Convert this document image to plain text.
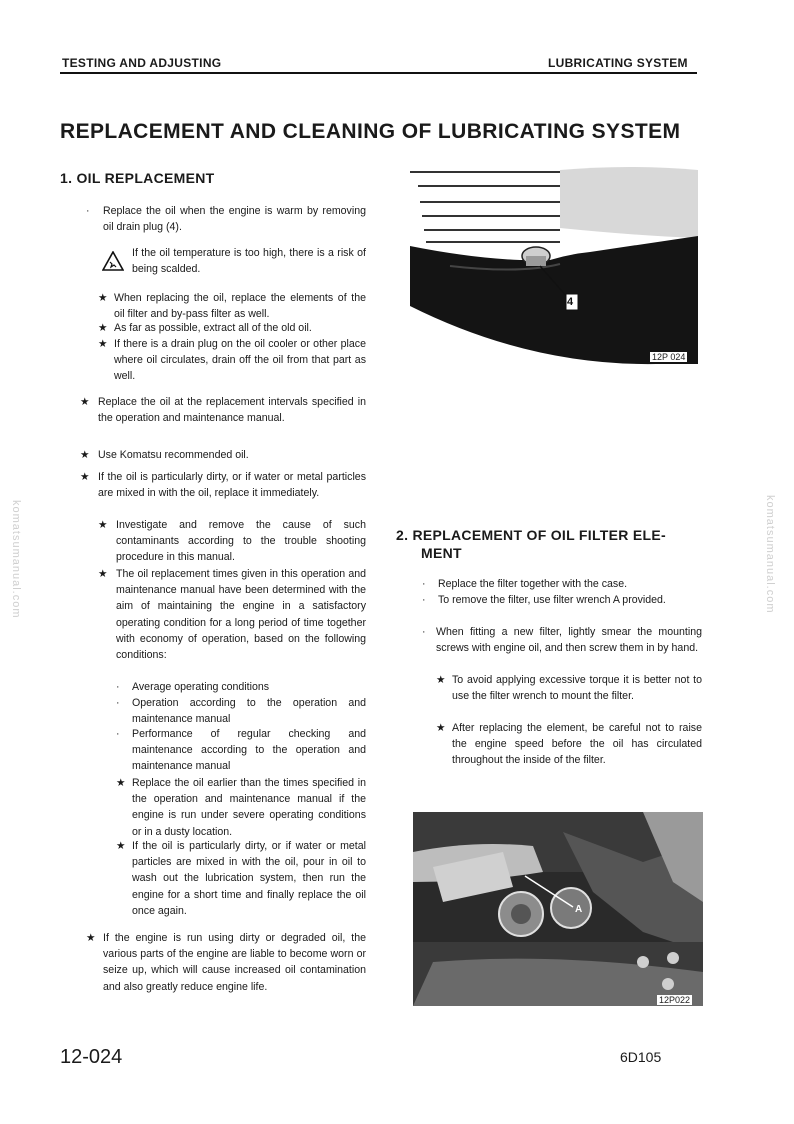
TESTING AND ADJUSTING	LUBRICATING SYSTEM
komatsumanual.com	komatsumanual.com
REPLACEMENT AND CLEANING OF LUBRICATING SYSTEM
1. OIL REPLACEMENT
· Replace the oil when the engine is warm by removing oil drain plug (4).
If the oil temperature is too high, there is a risk of being scalded.
★ When replacing the oil, replace the elements of the oil filter and by-pass filter as well.
★ As far as possible, extract all of the old oil.
★ If there is a drain plug on the oil cooler or other place where oil circulates, drain off the oil from that part as well.
★ Replace the oil at the replacement intervals specified in the operation and maintenance manual.
★ Use Komatsu recommended oil.
★ If the oil is particularly dirty, or if water or metal particles are mixed in with the oil, replace it immediately.
★ Investigate and remove the cause of such contaminants according to the trouble shooting procedure in this manual.
★ The oil replacement times given in this operation and maintenance manual have been determined with the aim of maintaining the engine in a satisfactory operating condition for a long period of time together with economy of operation, based on the following conditions:
· Average operating conditions
· Operation according to the operation and maintenance manual
· Performance of regular checking and maintenance according to the operation and maintenance manual
★ Replace the oil earlier than the times specified in the operation and maintenance manual if the engine is run under severe operating conditions or in a dusty location.
★ If the oil is particularly dirty, or if water or metal particles are mixed in with the oil, pour in oil to wash out the lubrication system, then run the engine for a short time and finally replace the oil once again.
★ If the engine is run using dirty or degraded oil, the various parts of the engine are liable to become worn or seize up, which will cause increased oil contamination and also greatly reduce engine life.
4
12P 024
2. REPLACEMENT OF OIL FILTER ELE-
MENT
· Replace the filter together with the case.
· To remove the filter, use filter wrench A provided.
· When fitting a new filter, lightly smear the mounting screws with engine oil, and then screw them in by hand.
★ To avoid applying excessive torque it is better not to use the filter wrench to mount the filter.
★ After replacing the element, be careful not to raise the engine speed before the oil has circulated throughout the inside of the filter.
A
12P022
12-024	6D105
